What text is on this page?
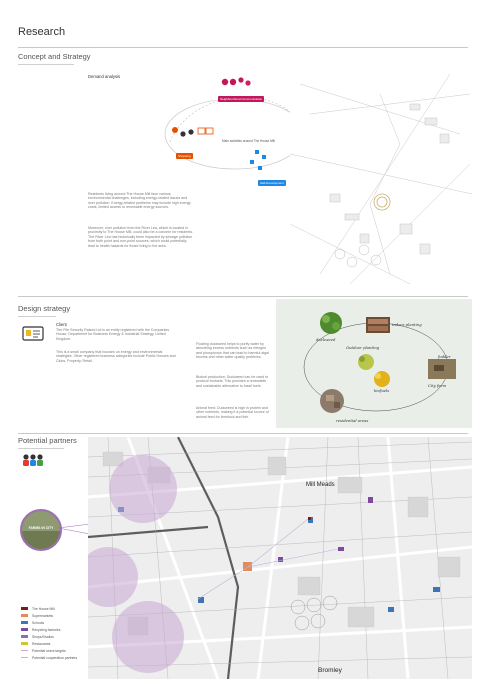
Research
Concept and Strategy
Demand analysis
Neighbourhood Communication
Shopping
Self-Development
Main activities around The House Mill
Residents living around The House Mill face various environmental challenges, including energy-related issues and river pollution. Energy-related problems may include high energy costs, limited access to renewable energy sources.
Moreover, river pollution from the River Lea, which is located in proximity to The House Mill, could also be a concern for residents. The River Lea has historically been impacted by sewage pollution from both point and non-point sources, which could potentially lead to health hazards for those living in the area.
Design strategy
Client
The Fife Security Raised Ltd is an entity registered with the Companies House, Department for Business Energy & Industrial Strategy, United Kingdom.
This is a small company that focuses on energy and environmental strategies. Other registered business categories include Public Houses and Clubs, Property, Retail.
Floating duckweed helps to purify water by absorbing excess nutrients such as nitrogen and phosphorus that can lead to harmful algal blooms and other water quality problems.
Biofuel production: Duckweed can be used to produce biofuels. This provides a renewable and sustainable alternative to fossil fuels.
Animal feed: Duckweed is high in protein and other nutrients, making it a potential source of animal feed for livestock and fish.
duckweed
indoor planting
Outdoor planting
fodder
biofuels
City farm
residential areas
Potential partners
FARMS IN CITY
Mill Meads
Bromley
The House Mill
Supermarkets
Schools
Recycling factories
Shops/Studios
Restaurants
Potential users targets
Potential cooperation partners
